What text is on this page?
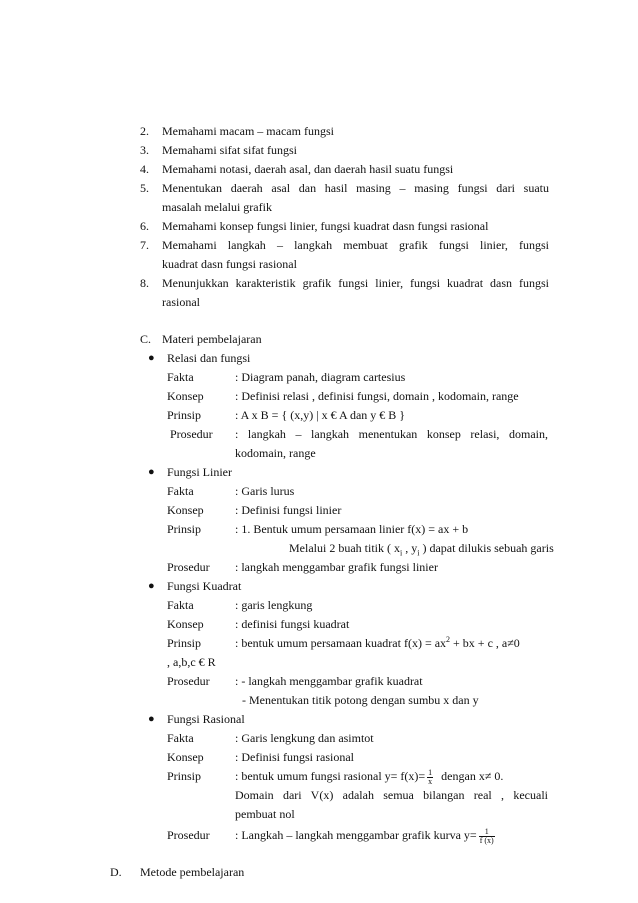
2. Memahami macam – macam fungsi
3. Memahami sifat sifat fungsi
4. Memahami notasi, daerah asal, dan daerah hasil suatu fungsi
5. Menentukan daerah asal dan hasil masing – masing fungsi dari suatu
masalah melalui grafik
6. Memahami konsep fungsi linier, fungsi kuadrat dasn fungsi rasional
7. Memahami langkah – langkah membuat grafik fungsi linier, fungsi
kuadrat dasn fungsi rasional
8. Menunjukkan karakteristik grafik fungsi linier, fungsi kuadrat dasn fungsi
rasional
C. Materi pembelajaran
● Relasi dan fungsi
Fakta	: Diagram panah, diagram cartesius
Konsep	: Definisi relasi , definisi fungsi, domain , kodomain, range
Prinsip	: A x B = { (x,y) | x € A dan y € B }
Prosedur : langkah – langkah menentukan konsep relasi, domain,
kodomain, range
● Fungsi Linier
Fakta	: Garis lurus
Konsep	: Definisi fungsi linier
Prinsip	: 1. Bentuk umum persamaan linier f(x) = ax + b
Melalui 2 buah titik ( $x_i$ , $y_i$ ) dapat dilukis sebuah garis
Prosedur : langkah menggambar grafik fungsi linier
● Fungsi Kuadrat
Fakta	: garis lengkung
Konsep	: definisi fungsi kuadrat
Prinsip	: bentuk umum persamaan kuadrat $f(x) = ax^2$ + bx + c , a≠0
, a,b,c € R
Prosedur : - langkah menggambar grafik kuadrat
- Menentukan titik potong dengan sumbu x dan y
● Fungsi Rasional
Fakta	: Garis lengkung dan asimtot
Konsep	: Definisi fungsi rasional
Prinsip	: bentuk umum fungsi rasional $y= f(x)= \frac{1}{x}$ dengan x≠ 0.
Domain dari V(x) adalah semua bilangan real , kecuali
pembuat nol
Prosedur : Langkah – langkah menggambar grafik kurva $y= \frac{1}{f (x)}$
D. Metode pembelajaran
